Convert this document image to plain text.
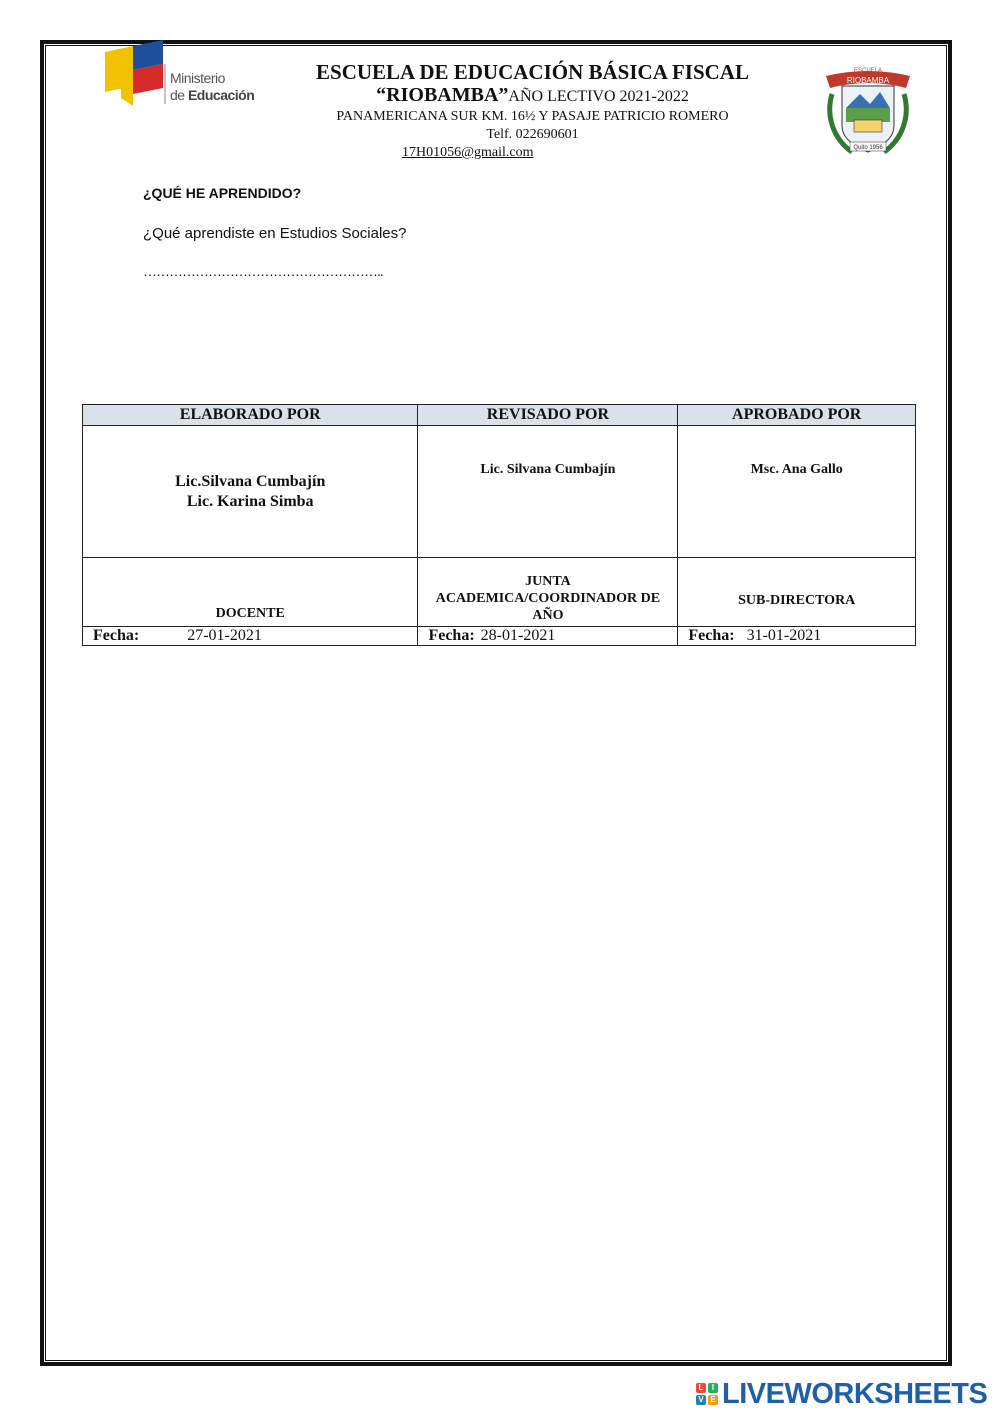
Ministerio
de Educación
ESCUELA DE EDUCACIÓN BÁSICA FISCAL
“RIOBAMBA”AÑO LECTIVO 2021-2022
PANAMERICANA SUR KM. 16½ Y PASAJE PATRICIO ROMERO
Telf. 022690601
17H01056@gmail.com
RIOBAMBA
ESCUELA
Quito 1956
¿QUÉ HE APRENDIDO?
¿Qué aprendiste en Estudios Sociales?
………………………………………………..
ELABORADO POR	REVISADO POR	APROBADO POR

Lic.Silvana Cumbajín
Lic. Karina Simba	Lic. Silvana Cumbajín	Msc. Ana Gallo

DOCENTE	JUNTA ACADEMICA/COORDINADOR DE AÑO	SUB-DIRECTORA

Fecha: 27-01-2021	Fecha: 28-01-2021	Fecha: 31-01-2021
L	I
V E LIVEWORKSHEETS
